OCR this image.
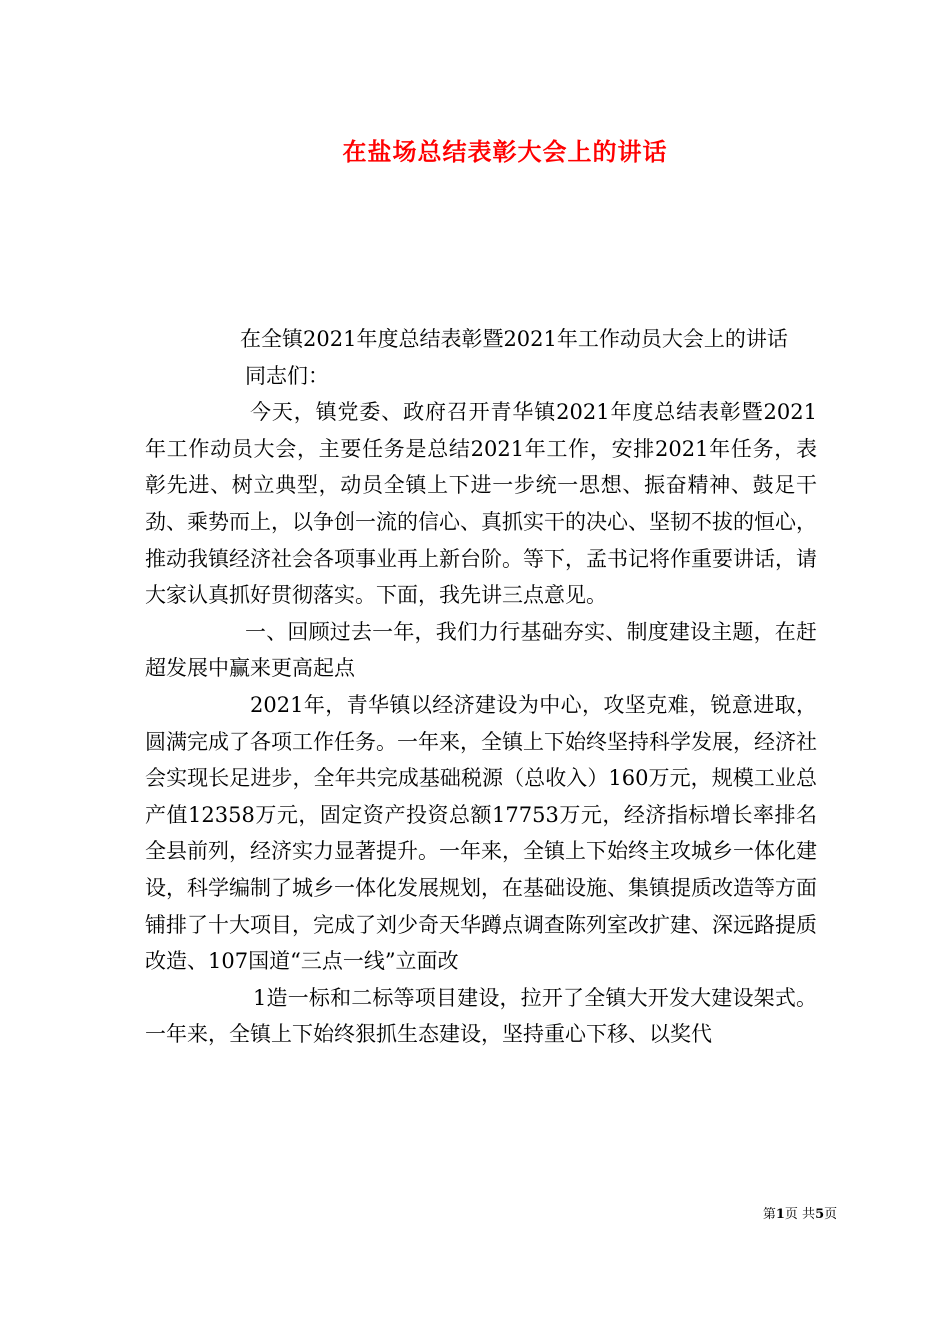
在盐场总结表彰大会上的讲话

在全镇2021年度总结表彰暨2021年工作动员大会上的讲话

同志们：

今天，镇党委、政府召开青华镇2021年度总结表彰暨2021年工作动员大会，主要任务是总结2021年工作，安排2021年任务，表彰先进、树立典型，动员全镇上下进一步统一思想、振奋精神、鼓足干劲、乘势而上，以争创一流的信心、真抓实干的决心、坚韧不拔的恒心，推动我镇经济社会各项事业再上新台阶。等下，孟书记将作重要讲话，请大家认真抓好贯彻落实。下面，我先讲三点意见。

一、回顾过去一年，我们力行基础夯实、制度建设主题，在赶超发展中赢来更高起点

2021年，青华镇以经济建设为中心，攻坚克难，锐意进取，圆满完成了各项工作任务。一年来，全镇上下始终坚持科学发展，经济社会实现长足进步，全年共完成基础税源（总收入）160万元，规模工业总产值12358万元，固定资产投资总额17753万元，经济指标增长率排名全县前列，经济实力显著提升。一年来，全镇上下始终主攻城乡一体化建设，科学编制了城乡一体化发展规划，在基础设施、集镇提质改造等方面铺排了十大项目，完成了刘少奇天华蹲点调查陈列室改扩建、深远路提质改造、107国道“三点一线”立面改

1造一标和二标等项目建设，拉开了全镇大开发大建设架式。一年来，全镇上下始终狠抓生态建设，坚持重心下移、以奖代

第1页 共5页
